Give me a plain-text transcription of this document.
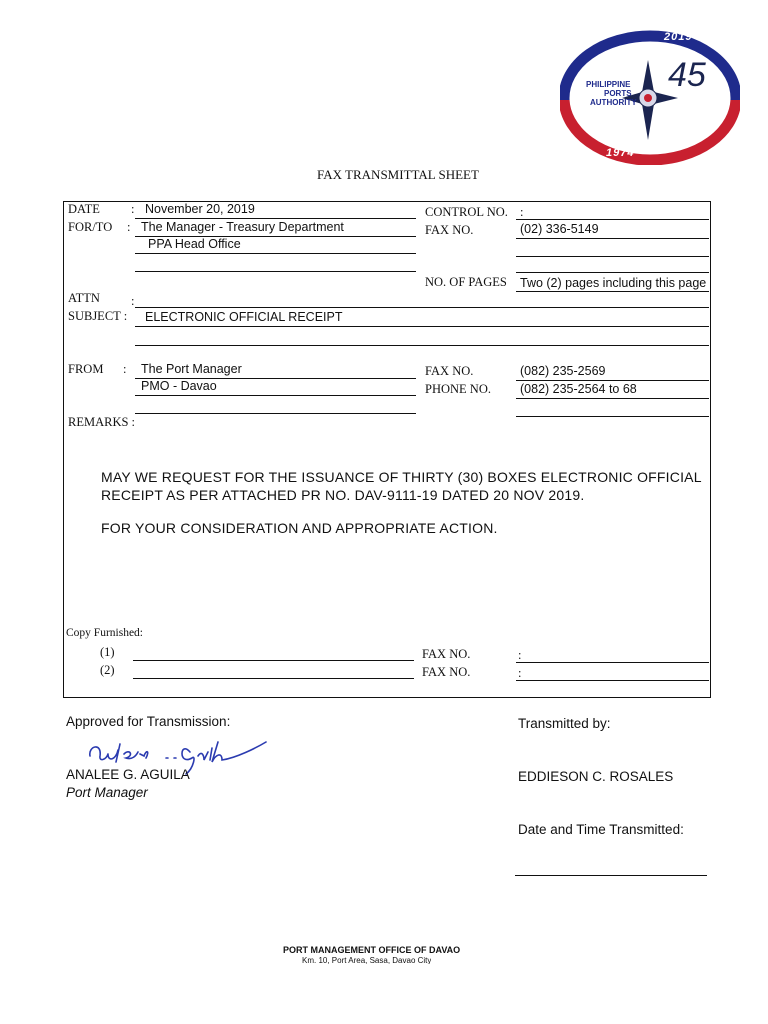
2019
1974
45
PHILIPPINE
PORTS
AUTHORITY
FAX TRANSMITTAL SHEET
DATE : November 20, 2019	CONTROL NO. :
FOR/TO : The Manager - Treasury Department
PPA Head Office
FAX NO.	(02) 336-5149
NO. OF PAGES Two (2) pages including this page
ATTN :
SUBJECT : ELECTRONIC OFFICIAL RECEIPT
FROM : The Port Manager
PMO - Davao
FAX NO.	(082) 235-2569
PHONE NO. (082) 235-2564 to 68
REMARKS :
MAY WE REQUEST FOR THE ISSUANCE OF THIRTY (30) BOXES ELECTRONIC OFFICIAL
RECEIPT AS PER ATTACHED PR NO. DAV-9111-19 DATED 20 NOV 2019.
FOR YOUR CONSIDERATION AND APPROPRIATE ACTION.
Copy Furnished:
(1)	FAX NO.	:
(2)	FAX NO.	:
Approved for Transmission:
ANALEE G. AGUILA
Port Manager
Transmitted by:
EDDIESON C. ROSALES
Date and Time Transmitted:
PORT MANAGEMENT OFFICE OF DAVAO
Km. 10, Port Area, Sasa, Davao City
